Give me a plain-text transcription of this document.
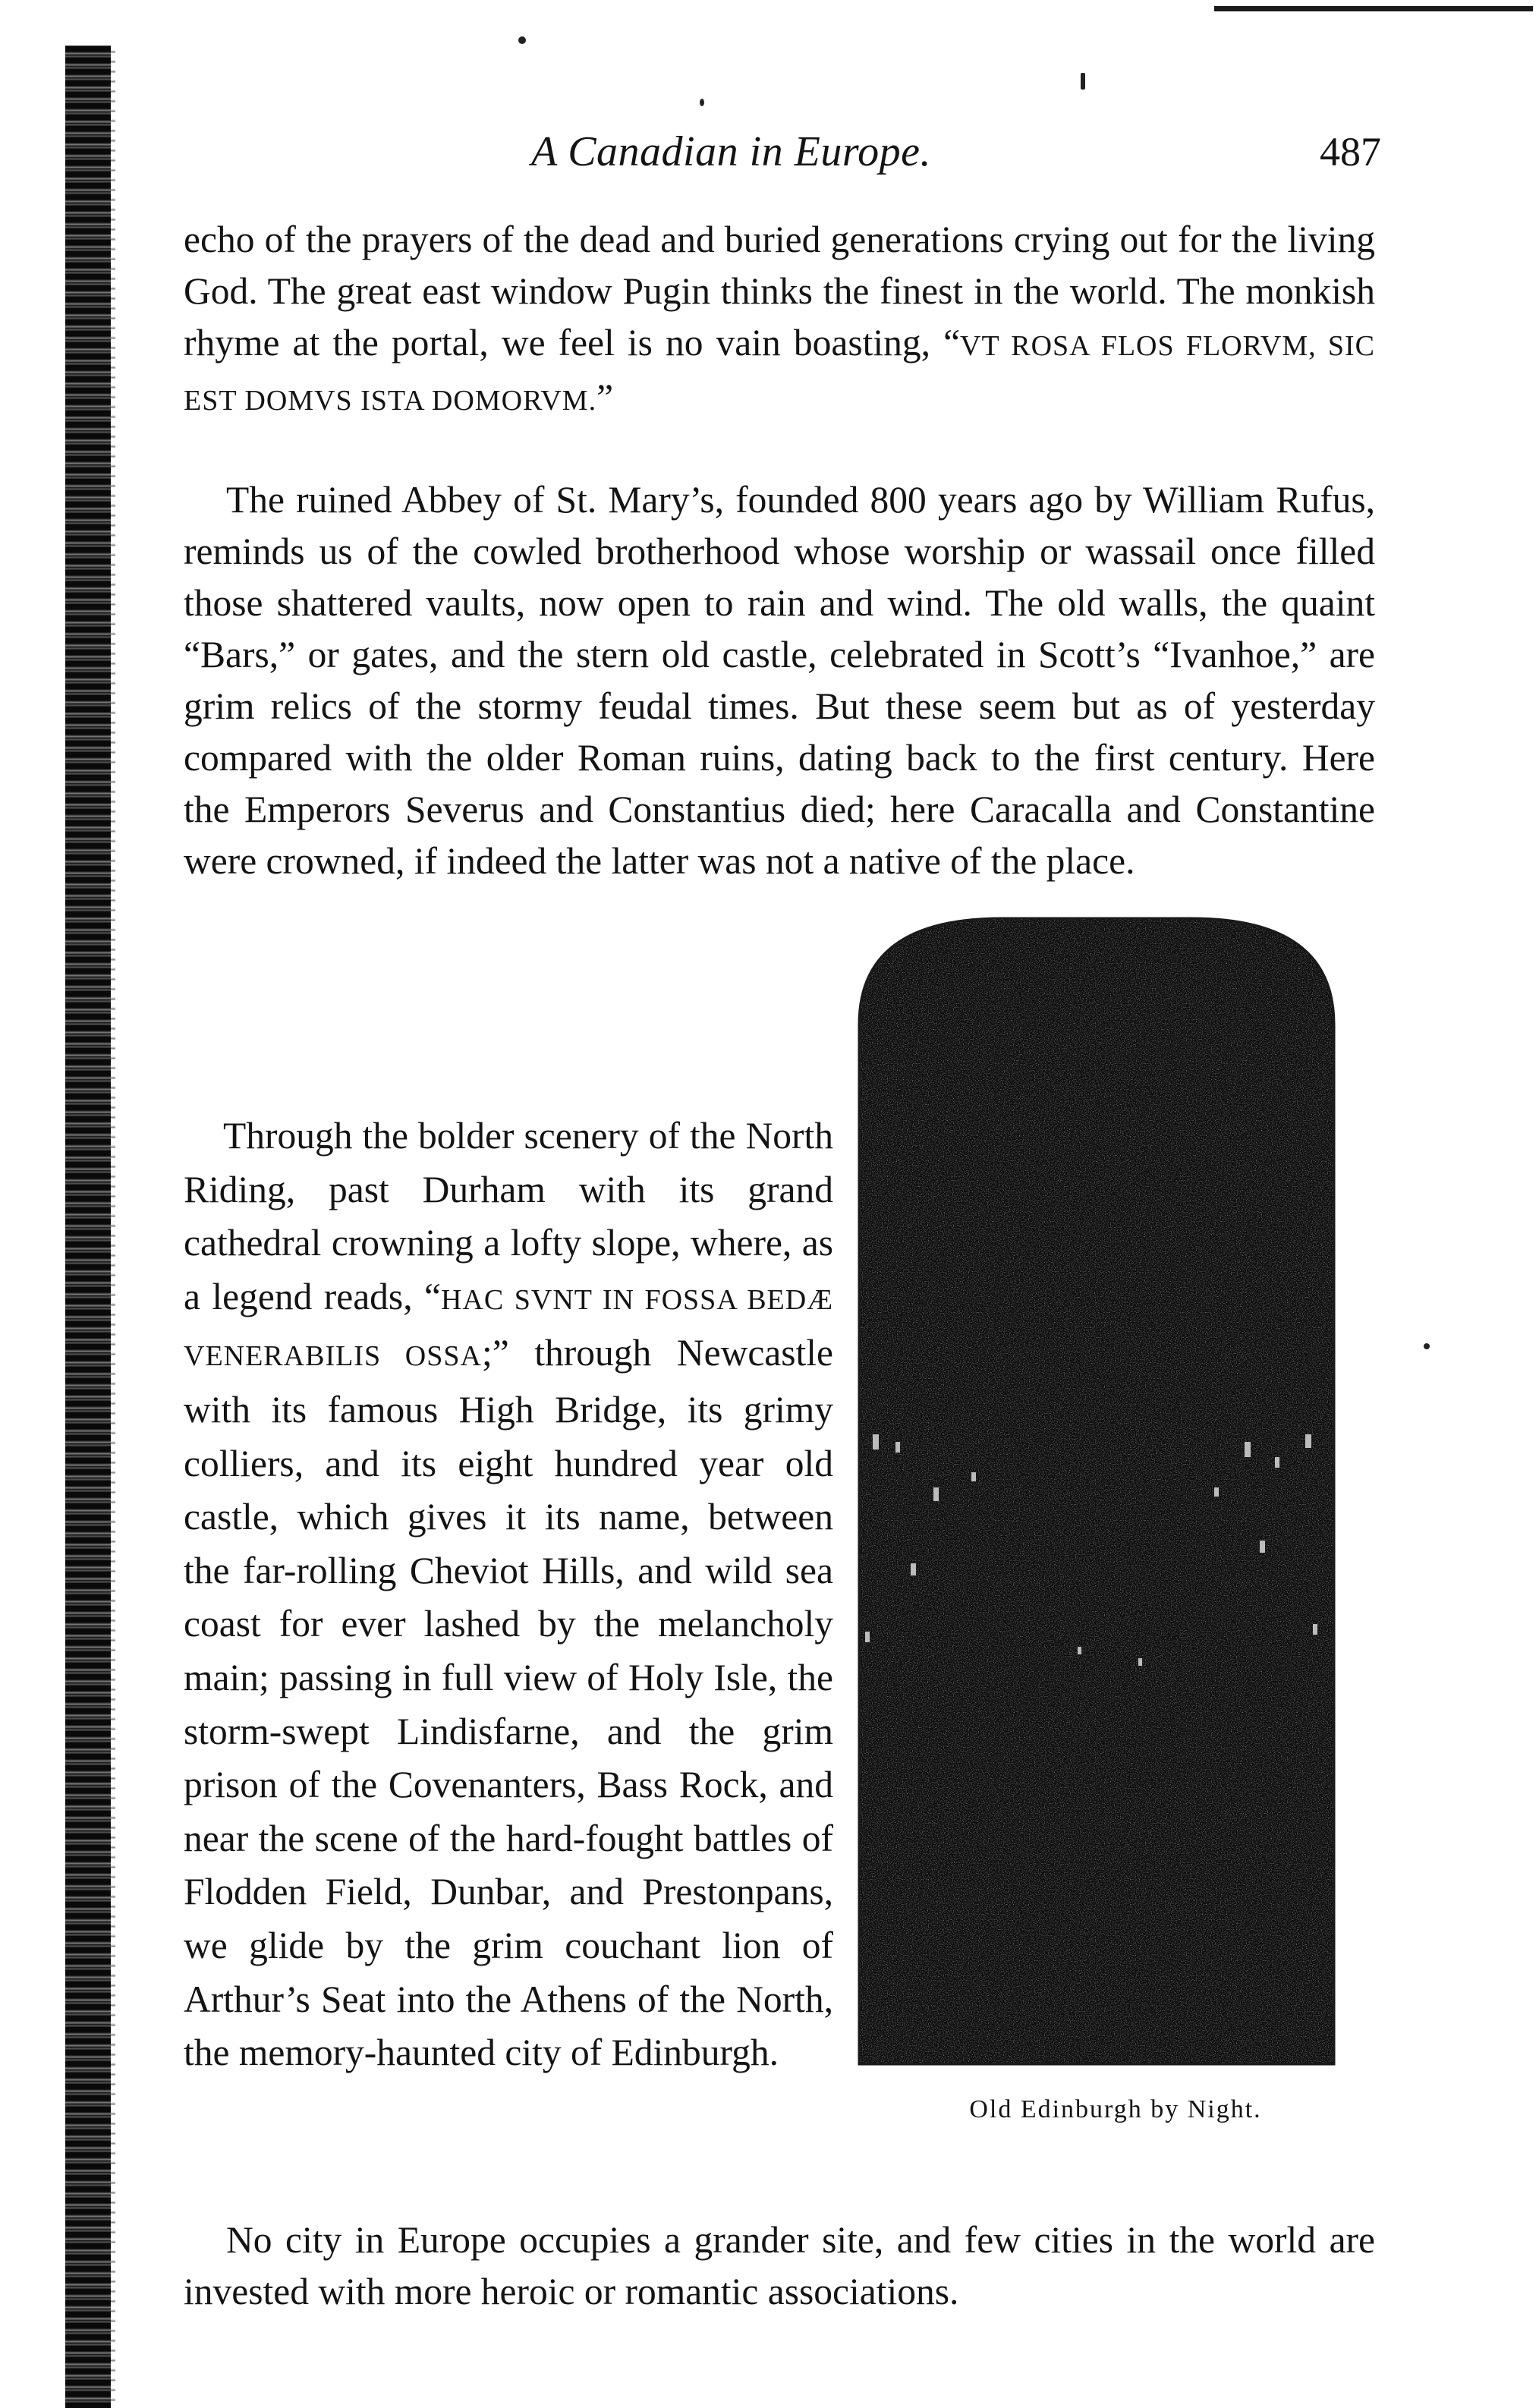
A Canadian in Europe.	487

echo of the prayers of the dead and buried generations crying out for the living God. The great east window Pugin thinks the finest in the world. The monkish rhyme at the portal, we feel is no vain boasting, “VT ROSA FLOS FLORVM, SIC EST DOMVS ISTA DOMORVM.”

The ruined Abbey of St. Mary’s, founded 800 years ago by William Rufus, reminds us of the cowled brotherhood whose worship or wassail once filled those shattered vaults, now open to rain and wind. The old walls, the quaint “Bars,” or gates, and the stern old castle, celebrated in Scott’s “Ivanhoe,” are grim relics of the stormy feudal times. But these seem but as of yesterday compared with the older Roman ruins, dating back to the first century. Here the Emperors Severus and Constantius died; here Caracalla and Constantine were crowned, if indeed the latter was not a native of the place.

Through the bolder scenery of the North Riding, past Durham with its grand cathedral crowning a lofty slope, where, as a legend reads, “HAC SVNT IN FOSSA BEDÆ VENERABILIS OSSA;” through Newcastle with its famous High Bridge, its grimy colliers, and its eight hundred year old castle, which gives it its name, between the far-rolling Cheviot Hills, and wild sea coast for ever lashed by the melancholy main; passing in full view of Holy Isle, the storm-swept Lindisfarne, and the grim prison of the Covenanters, Bass Rock, and near the scene of the hard-fought battles of Flodden Field, Dunbar, and Prestonpans, we glide by the grim couchant lion of Arthur’s Seat into the Athens of the North, the memory-haunted city of Edinburgh.

No city in Europe occupies a grander site, and few cities in the world are invested with more heroic or romantic associations.

Old Edinburgh by Night.
